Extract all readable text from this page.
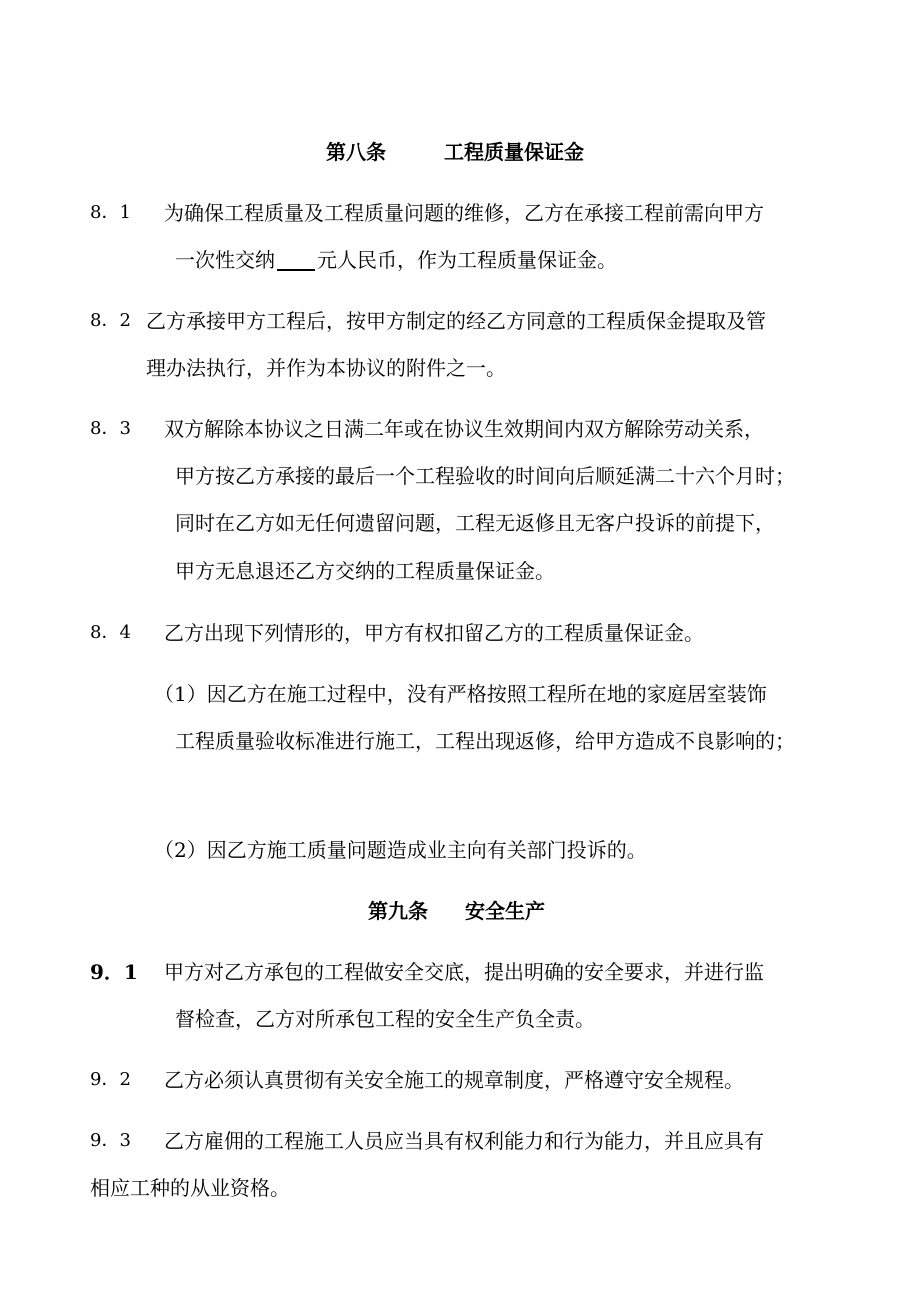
第八条	工程质量保证金
8．1 为确保工程质量及工程质量问题的维修，乙方在承接工程前需向甲方
一次性交纳 元人民币，作为工程质量保证金。
8．2 乙方承接甲方工程后，按甲方制定的经乙方同意的工程质保金提取及管
理办法执行，并作为本协议的附件之一。
8．3 双方解除本协议之日满二年或在协议生效期间内双方解除劳动关系，
甲方按乙方承接的最后一个工程验收的时间向后顺延满二十六个月时；
同时在乙方如无任何遗留问题，工程无返修且无客户投诉的前提下，
甲方无息退还乙方交纳的工程质量保证金。
8．4 乙方出现下列情形的，甲方有权扣留乙方的工程质量保证金。
（1）因乙方在施工过程中，没有严格按照工程所在地的家庭居室装饰
工程质量验收标准进行施工，工程出现返修，给甲方造成不良影响的；
（2）因乙方施工质量问题造成业主向有关部门投诉的。
第九条 安全生产
9．1 甲方对乙方承包的工程做安全交底，提出明确的安全要求，并进行监
督检查，乙方对所承包工程的安全生产负全责。
9．2 乙方必须认真贯彻有关安全施工的规章制度，严格遵守安全规程。
9．3 乙方雇佣的工程施工人员应当具有权利能力和行为能力，并且应具有
相应工种的从业资格。
